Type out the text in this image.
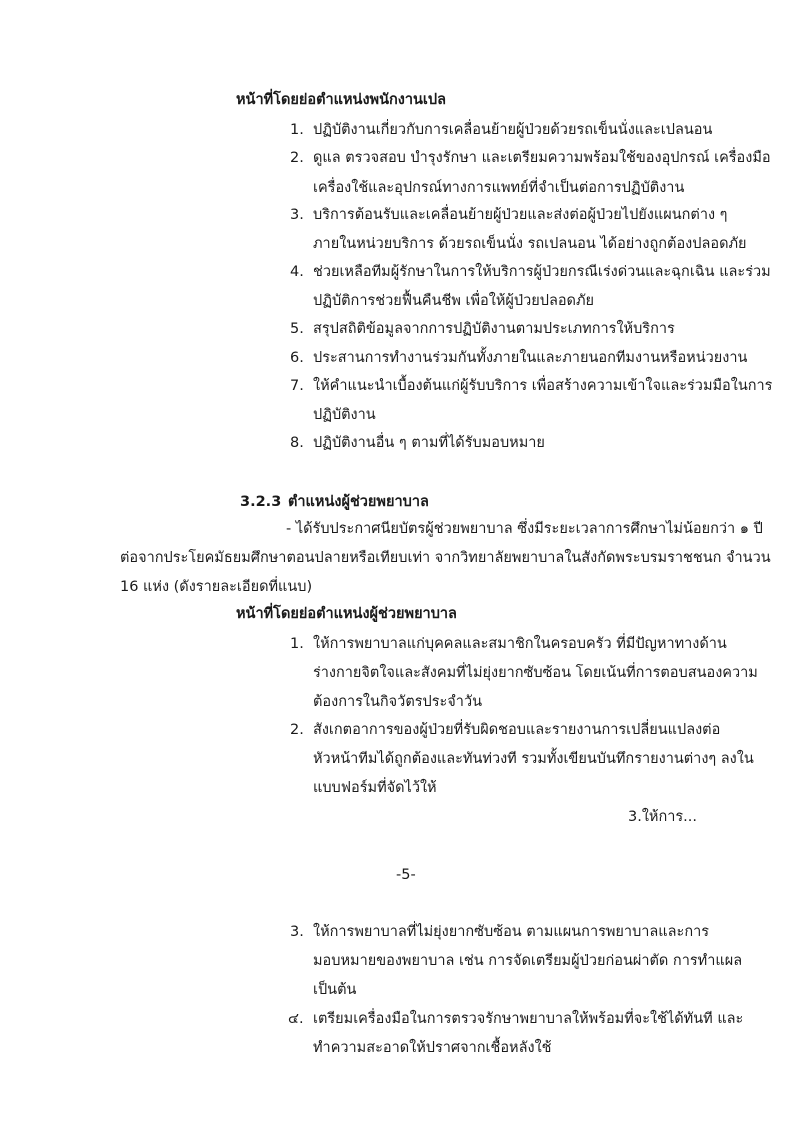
หน้าที่โดยย่อตำแหน่งพนักงานเปล
1. ปฏิบัติงานเกี่ยวกับการเคลื่อนย้ายผู้ป่วยด้วยรถเข็นนั่งและเปลนอน
2. ดูแล ตรวจสอบ บำรุงรักษา และเตรียมความพร้อมใช้ของอุปกรณ์ เครื่องมือ
เครื่องใช้และอุปกรณ์ทางการแพทย์ที่จำเป็นต่อการปฏิบัติงาน
3. บริการต้อนรับและเคลื่อนย้ายผู้ป่วยและส่งต่อผู้ป่วยไปยังแผนกต่าง ๆ
ภายในหน่วยบริการ ด้วยรถเข็นนั่ง รถเปลนอน ได้อย่างถูกต้องปลอดภัย
4. ช่วยเหลือทีมผู้รักษาในการให้บริการผู้ป่วยกรณีเร่งด่วนและฉุกเฉิน และร่วม
ปฏิบัติการช่วยฟื้นคืนชีพ เพื่อให้ผู้ป่วยปลอดภัย
5. สรุปสถิติข้อมูลจากการปฏิบัติงานตามประเภทการให้บริการ
6. ประสานการทำงานร่วมกันทั้งภายในและภายนอกทีมงานหรือหน่วยงาน
7. ให้คำแนะนำเบื้องต้นแก่ผู้รับบริการ เพื่อสร้างความเข้าใจและร่วมมือในการ
ปฏิบัติงาน
8. ปฏิบัติงานอื่น ๆ ตามที่ได้รับมอบหมาย
3.2.3 ตำแหน่งผู้ช่วยพยาบาล
- ได้รับประกาศนียบัตรผู้ช่วยพยาบาล ซึ่งมีระยะเวลาการศึกษาไม่น้อยกว่า ๑ ปี
ต่อจากประโยคมัธยมศึกษาตอนปลายหรือเทียบเท่า จากวิทยาลัยพยาบาลในสังกัดพระบรมราชชนก จำนวน
16 แห่ง (ดังรายละเอียดที่แนบ)
หน้าที่โดยย่อตำแหน่งผู้ช่วยพยาบาล
1. ให้การพยาบาลแก่บุคคลและสมาชิกในครอบครัว ที่มีปัญหาทางด้าน
ร่างกายจิตใจและสังคมที่ไม่ยุ่งยากซับซ้อน โดยเน้นที่การตอบสนองความ
ต้องการในกิจวัตรประจำวัน
2. สังเกตอาการของผู้ป่วยที่รับผิดชอบและรายงานการเปลี่ยนแปลงต่อ
หัวหน้าทีมได้ถูกต้องและทันท่วงที รวมทั้งเขียนบันทึกรายงานต่างๆ ลงใน
แบบฟอร์มที่จัดไว้ให้
3.ให้การ...
-5-
3. ให้การพยาบาลที่ไม่ยุ่งยากซับซ้อน ตามแผนการพยาบาลและการ
มอบหมายของพยาบาล เช่น การจัดเตรียมผู้ป่วยก่อนผ่าตัด การทำแผล
เป็นต้น
๔. เตรียมเครื่องมือในการตรวจรักษาพยาบาลให้พร้อมที่จะใช้ได้ทันที และ
ทำความสะอาดให้ปราศจากเชื้อหลังใช้
